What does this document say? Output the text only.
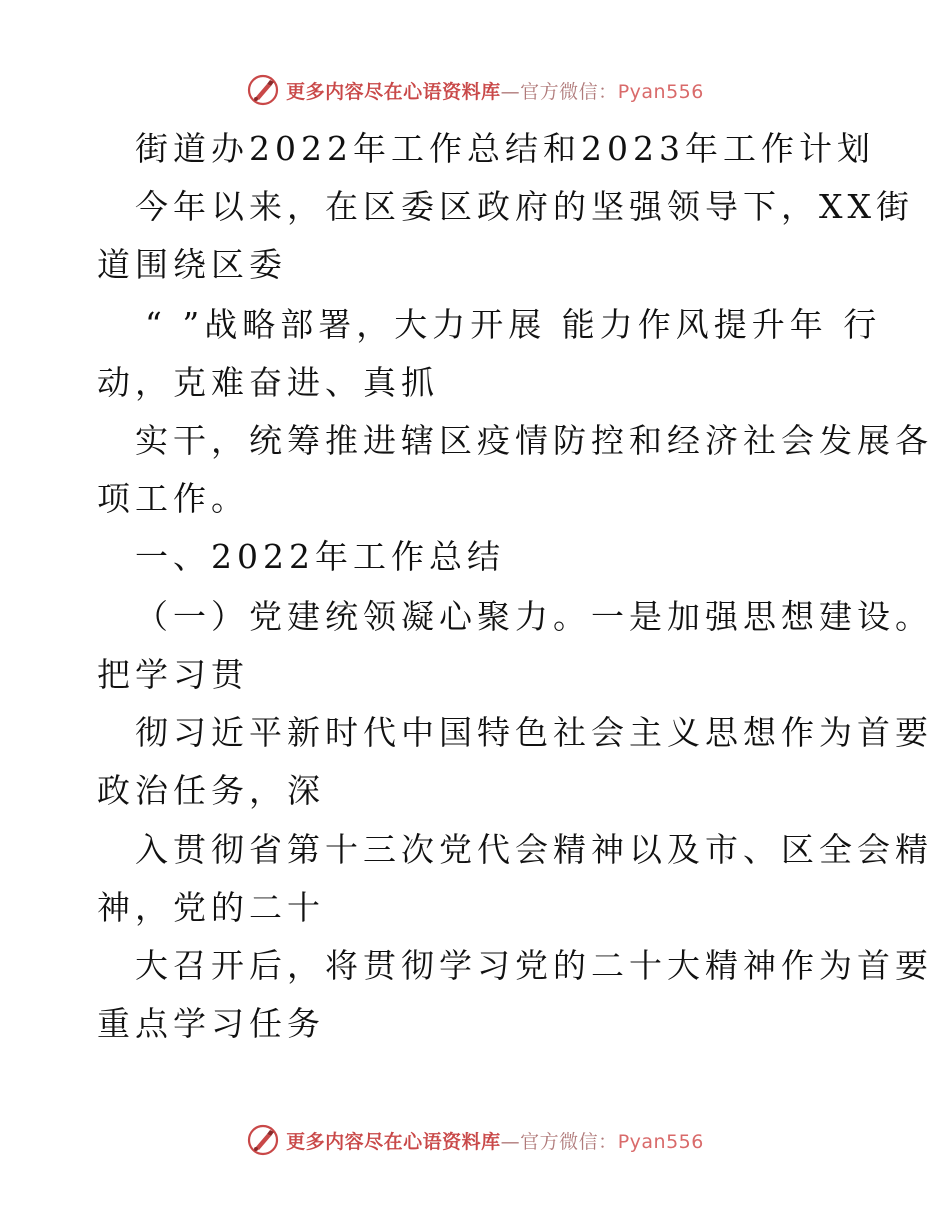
更多内容尽在心语资料库—官方微信：Pyan556
街道办2022年工作总结和2023年工作计划
今年以来，在区委区政府的坚强领导下，XX街
道围绕区委
“ ”战略部署，大力开展 能力作风提升年 行
动，克难奋进、真抓
实干，统筹推进辖区疫情防控和经济社会发展各
项工作。
一、2022年工作总结
（一）党建统领凝心聚力。一是加强思想建设。
把学习贯
彻习近平新时代中国特色社会主义思想作为首要
政治任务，深
入贯彻省第十三次党代会精神以及市、区全会精
神，党的二十
大召开后，将贯彻学习党的二十大精神作为首要
重点学习任务
更多内容尽在心语资料库—官方微信：Pyan556
